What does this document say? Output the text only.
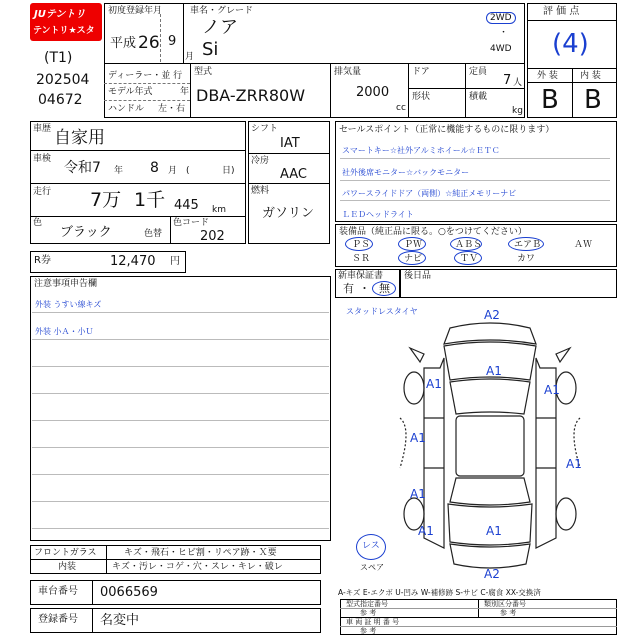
JUテントリ
テントリ★スター
(T1)
202504
04672
初度登録年月
平成 26 9
月
車名・グレード
ノア
Si
2WD
・
4WD
ディーラー・並 行
モデル年式	年
ハンドル 左・右
型式
DBA-ZRR80W
排気量
2000
cc
ドア
形状
定員
7 人
積載
kg
評 価 点
(4)
外 装 内 装
B B
車歴 自家用
車検
令和7 年 8 月 (	日)
走行 7万 1千 445 km
色
ブラック	色替
色コード
202
シフト
IAT
冷房
AAC
燃料
ガソリン
R券	12,470 円
セールスポイント（正常に機能するものに限ります）
スマートキー☆社外アルミホイール☆ＥＴＣ
社外後席モニター☆バックモニター
パワースライドドア（両側）☆純正メモリーナビ
ＬＥＤヘッドライト
装備品（純正品に限る。○をつけてください）
ＰＳ	ＰＷ	ＡＢＳ	エアＢ	ＡＷ
ＳＲ	ナビ	ＴＶ	カワ
新車保証書
有 ・ 無
後日品
注意事項申告欄
外装 うすい線キズ
外装 小Ａ・小Ｕ
スタッドレスタイヤ	A2
A1
A1	A1
A1
A1
A1
A1	A1
A2
レス
スペア
フロントガラス	キズ・飛石・ヒビ割・リペア跡・Ｘ要
内装	キズ・汚レ・コゲ・穴・スレ・キレ・破レ
車台番号 0066569
登録番号 名変中
A-キズ E-エクボ U-凹み W-補修跡 S-サビ C-腐食 XX-交換済
型式指定番号	類別区分番号
参 考	参 考
車 両 証 明 番 号
参 考
